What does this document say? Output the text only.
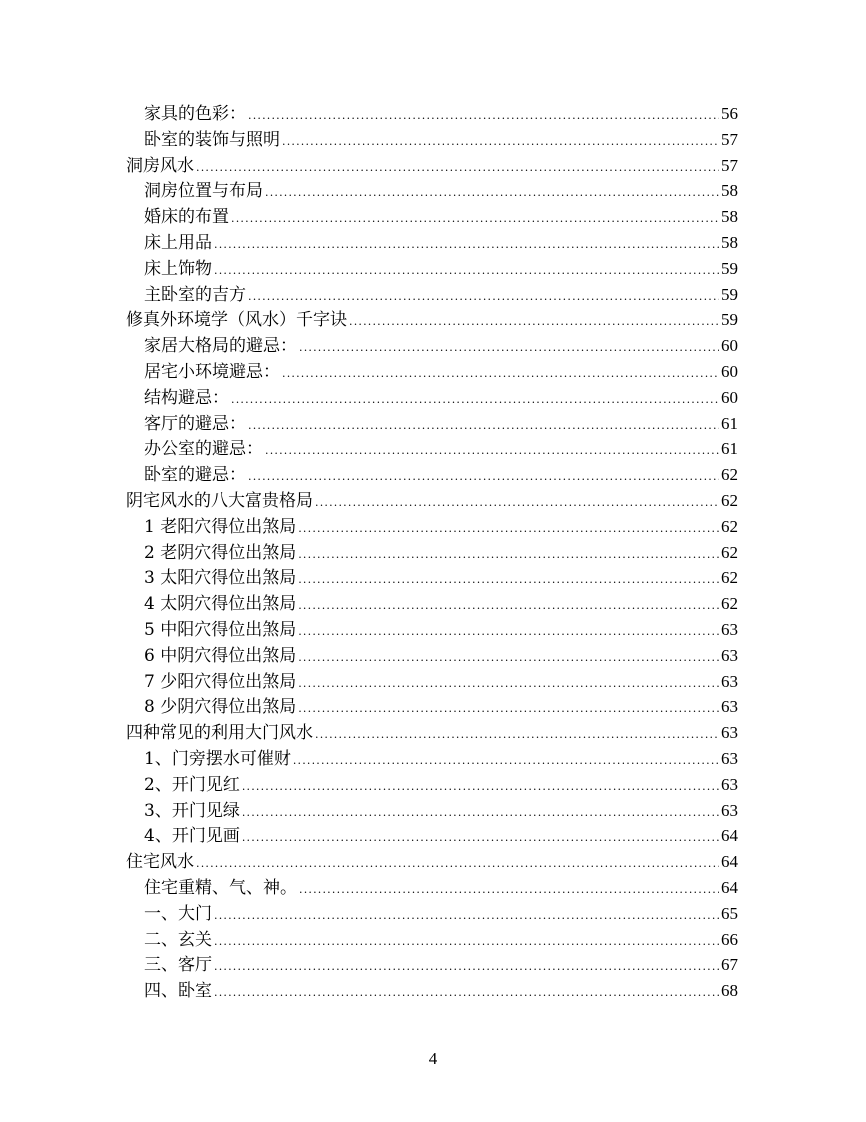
家具的色彩： .....	56
卧室的装饰与照明 .....	57
洞房风水 .....	57
洞房位置与布局 .....	58
婚床的布置 .....	58
床上用品 .....	58
床上饰物 .....	59
主卧室的吉方 .....	59
修真外环境学（风水）千字诀 .....	59
家居大格局的避忌： .....	60
居宅小环境避忌： .....	60
结构避忌： .....	60
客厅的避忌： .....	61
办公室的避忌： .....	61
卧室的避忌： .....	62
阴宅风水的八大富贵格局 .....	62
1 老阳穴得位出煞局 .....	62
2 老阴穴得位出煞局 .....	62
3 太阳穴得位出煞局 .....	62
4 太阴穴得位出煞局 .....	62
5 中阳穴得位出煞局 .....	63
6 中阴穴得位出煞局 .....	63
7 少阳穴得位出煞局 .....	63
8 少阴穴得位出煞局 .....	63
四种常见的利用大门风水 .....	63
1、门旁摆水可催财 .....	63
2、开门见红 .....	63
3、开门见绿 .....	63
4、开门见画 .....	64
住宅风水 .....	64
住宅重精、气、神。 .....	64
一、大门 .....	65
二、玄关 .....	66
三、客厅 .....	67
四、卧室 .....	68
4
